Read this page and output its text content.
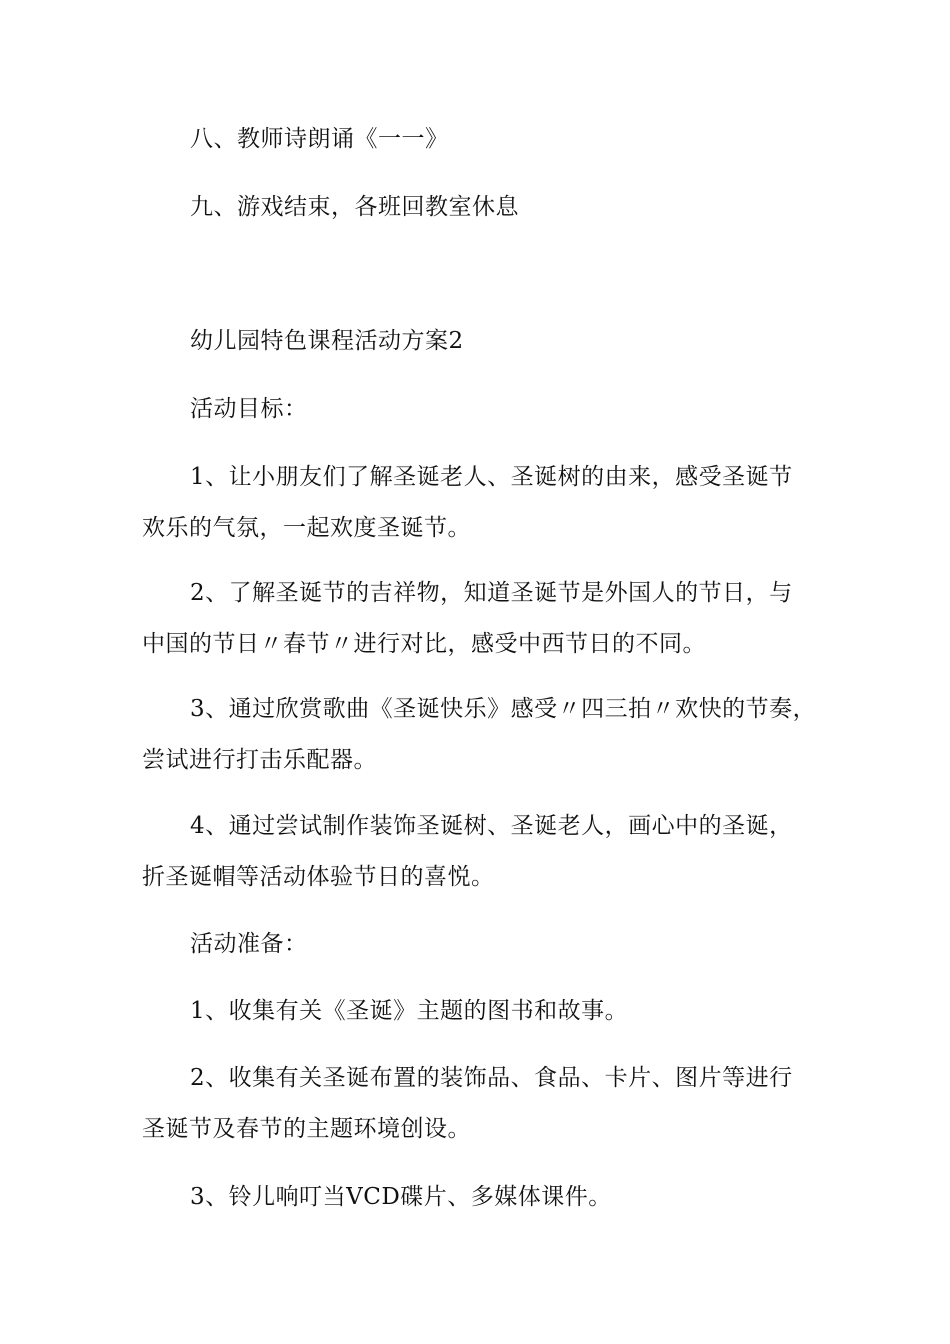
八、教师诗朗诵《一一》
九、游戏结束，各班回教室休息
幼儿园特色课程活动方案2
活动目标：
1、让小朋友们了解圣诞老人、圣诞树的由来，感受圣诞节
欢乐的气氛，一起欢度圣诞节。
2、了解圣诞节的吉祥物，知道圣诞节是外国人的节日，与
中国的节日〃春节〃进行对比，感受中西节日的不同。
3、通过欣赏歌曲《圣诞快乐》感受〃四三拍〃欢快的节奏，
尝试进行打击乐配器。
4、通过尝试制作装饰圣诞树、圣诞老人，画心中的圣诞，
折圣诞帽等活动体验节日的喜悦。
活动准备：
1、收集有关《圣诞》主题的图书和故事。
2、收集有关圣诞布置的装饰品、食品、卡片、图片等进行
圣诞节及春节的主题环境创设。
3、铃儿响叮当VCD碟片、多媒体课件。
